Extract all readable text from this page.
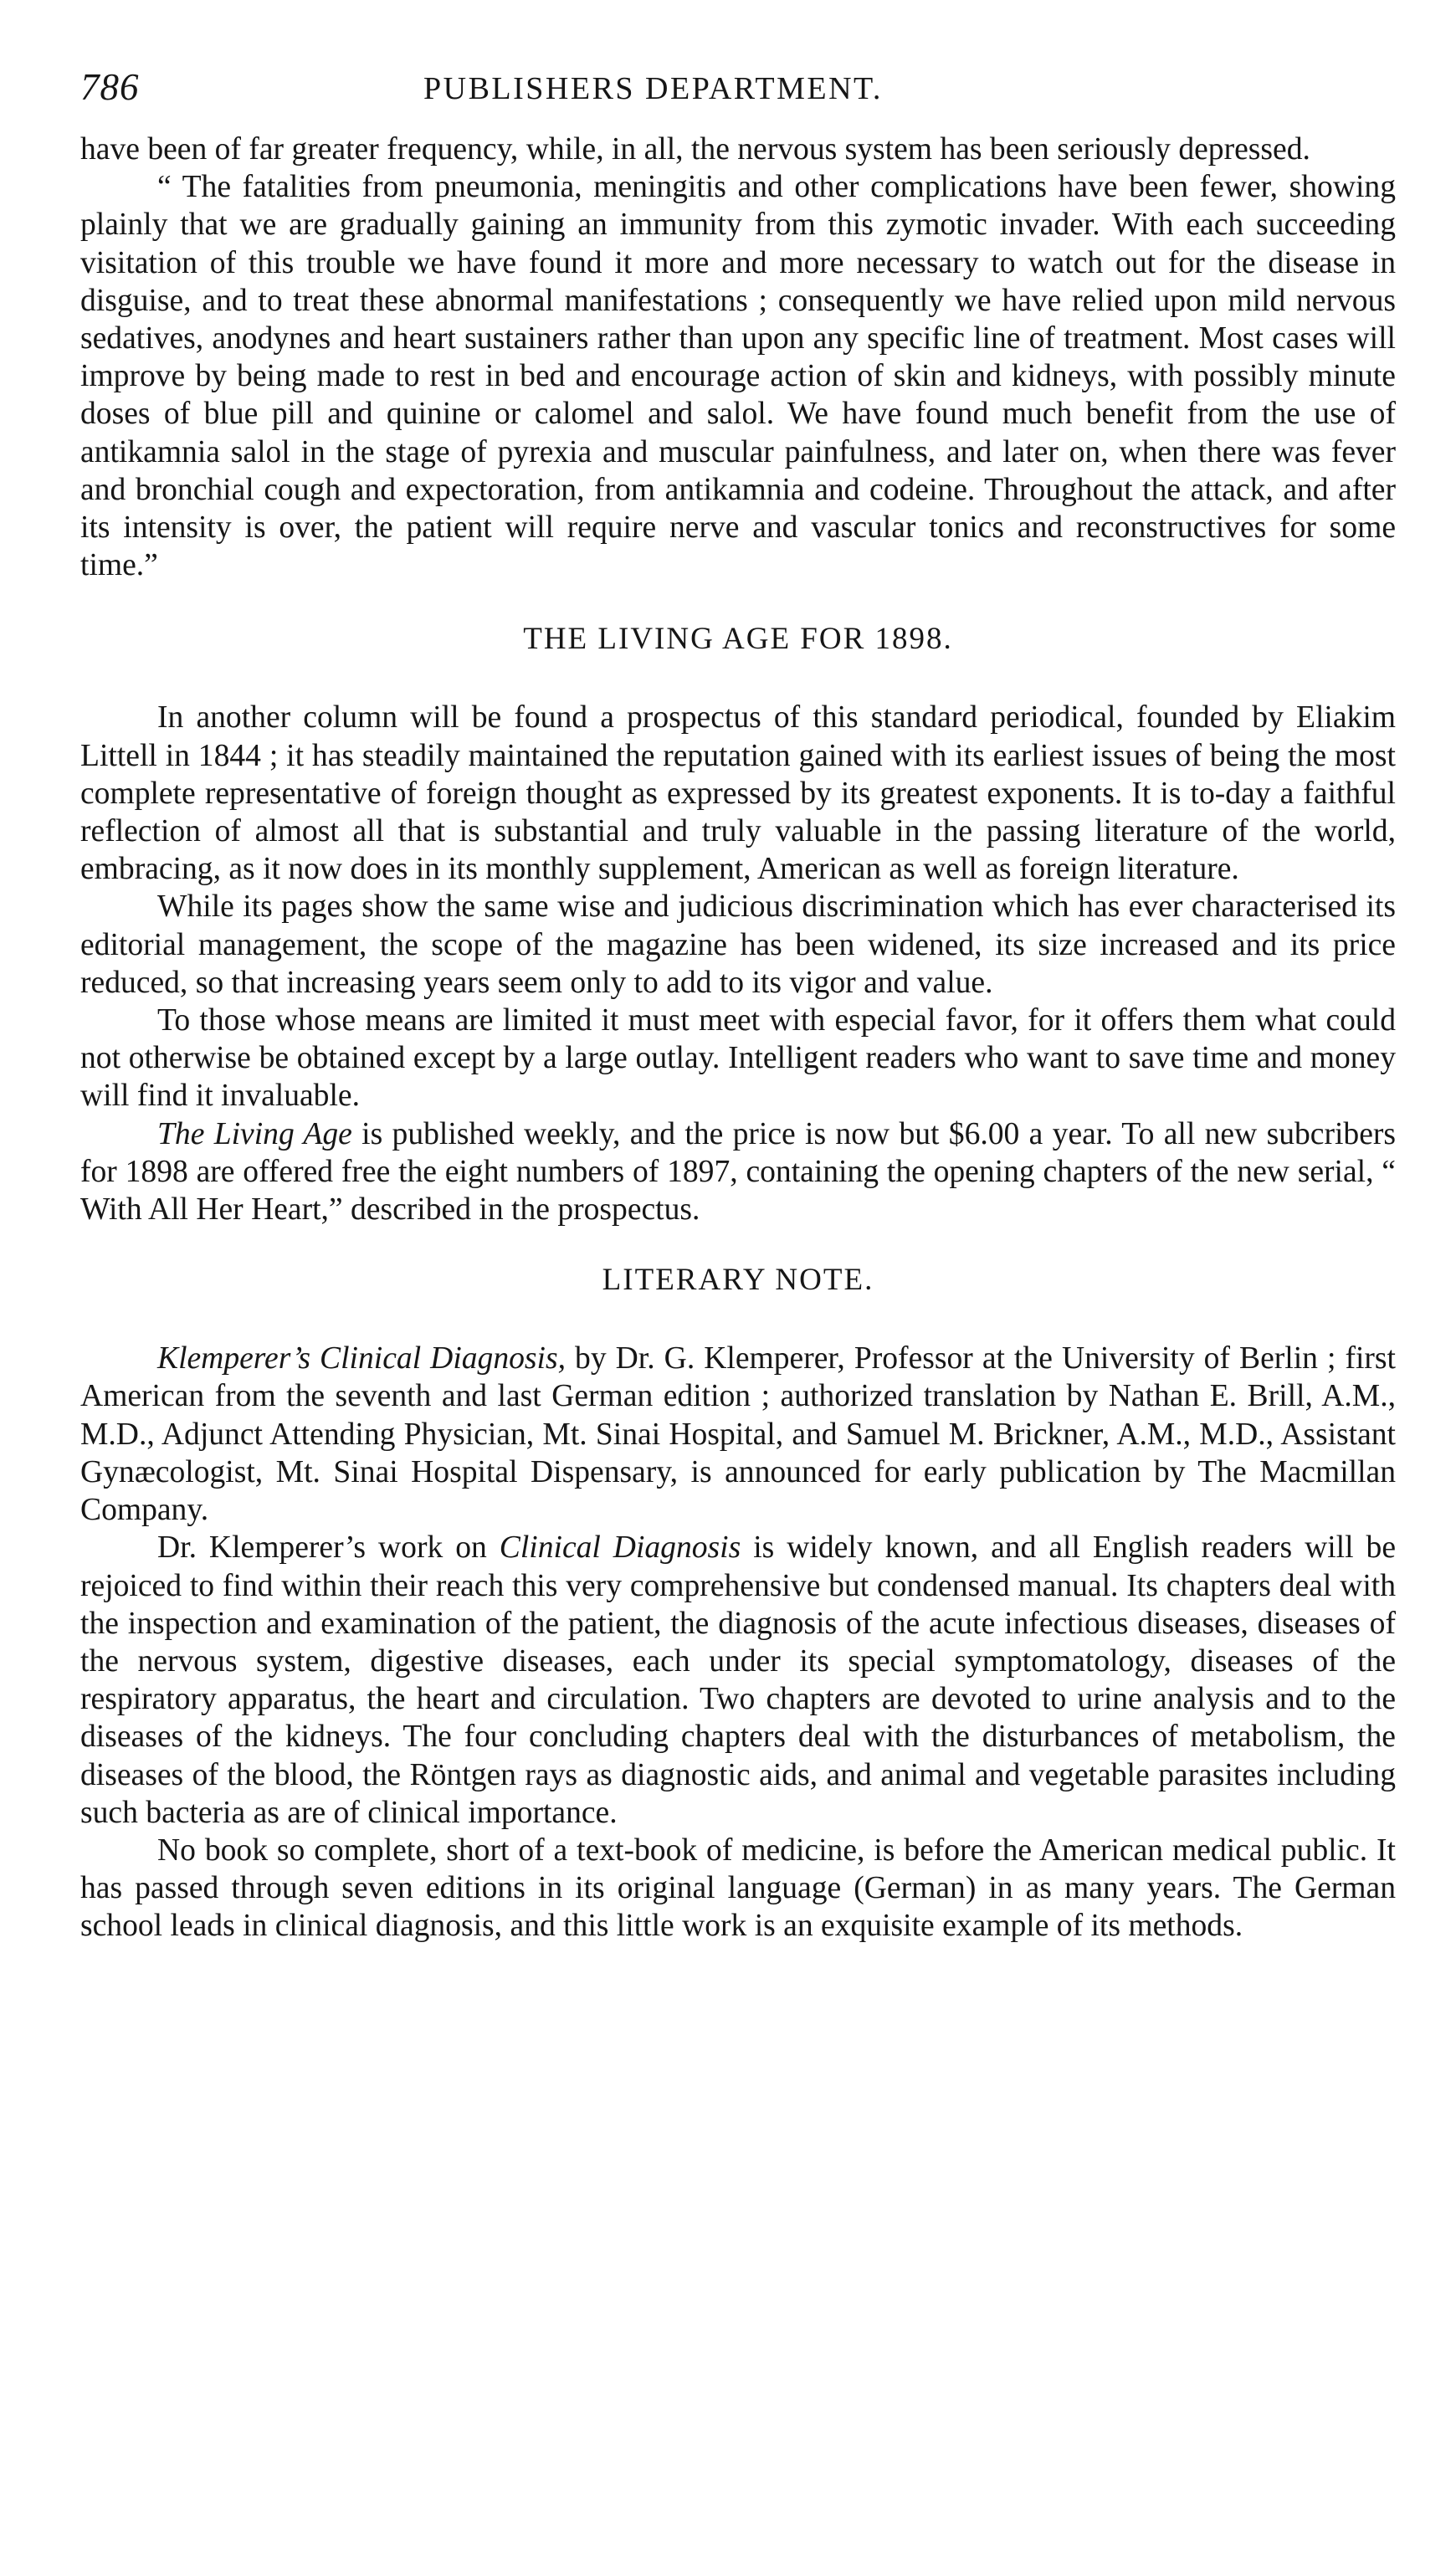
786	PUBLISHERS DEPARTMENT.

have been of far greater frequency, while, in all, the nervous system has been seriously depressed.

“ The fatalities from pneumonia, meningitis and other complications have been fewer, showing plainly that we are gradually gaining an immunity from this zymotic invader. With each succeeding visitation of this trouble we have found it more and more necessary to watch out for the disease in disguise, and to treat these abnormal manifestations ; consequently we have relied upon mild nervous sedatives, anodynes and heart sustainers rather than upon any specific line of treatment. Most cases will improve by being made to rest in bed and encourage action of skin and kidneys, with possibly minute doses of blue pill and quinine or calomel and salol. We have found much benefit from the use of antikamnia salol in the stage of pyrexia and muscular painfulness, and later on, when there was fever and bronchial cough and expectoration, from antikamnia and codeine. Throughout the attack, and after its intensity is over, the patient will require nerve and vascular tonics and reconstructives for some time.”

THE LIVING AGE FOR 1898.

In another column will be found a prospectus of this standard periodical, founded by Eliakim Littell in 1844 ; it has steadily maintained the reputation gained with its earliest issues of being the most complete representative of foreign thought as expressed by its greatest exponents. It is to-day a faithful reflection of almost all that is substantial and truly valuable in the passing literature of the world, embracing, as it now does in its monthly supplement, American as well as foreign literature.

While its pages show the same wise and judicious discrimination which has ever characterised its editorial management, the scope of the magazine has been widened, its size increased and its price reduced, so that increasing years seem only to add to its vigor and value.

To those whose means are limited it must meet with especial favor, for it offers them what could not otherwise be obtained except by a large outlay. Intelligent readers who want to save time and money will find it invaluable.

The Living Age is published weekly, and the price is now but $6.00 a year. To all new subcribers for 1898 are offered free the eight numbers of 1897, containing the opening chapters of the new serial, “ With All Her Heart,” described in the prospectus.

LITERARY NOTE.

Klemperer’s Clinical Diagnosis, by Dr. G. Klemperer, Professor at the University of Berlin ; first American from the seventh and last German edition ; authorized translation by Nathan E. Brill, A.M., M.D., Adjunct Attending Physician, Mt. Sinai Hospital, and Samuel M. Brickner, A.M., M.D., Assistant Gynæcologist, Mt. Sinai Hospital Dispensary, is announced for early publication by The Macmillan Company.

Dr. Klemperer’s work on Clinical Diagnosis is widely known, and all English readers will be rejoiced to find within their reach this very comprehensive but condensed manual. Its chapters deal with the inspection and examination of the patient, the diagnosis of the acute infectious diseases, diseases of the nervous system, digestive diseases, each under its special symptomatology, diseases of the respiratory apparatus, the heart and circulation. Two chapters are devoted to urine analysis and to the diseases of the kidneys. The four concluding chapters deal with the disturbances of metabolism, the diseases of the blood, the Röntgen rays as diagnostic aids, and animal and vegetable parasites including such bacteria as are of clinical importance.

No book so complete, short of a text-book of medicine, is before the American medical public. It has passed through seven editions in its original language (German) in as many years. The German school leads in clinical diagnosis, and this little work is an exquisite example of its methods.
